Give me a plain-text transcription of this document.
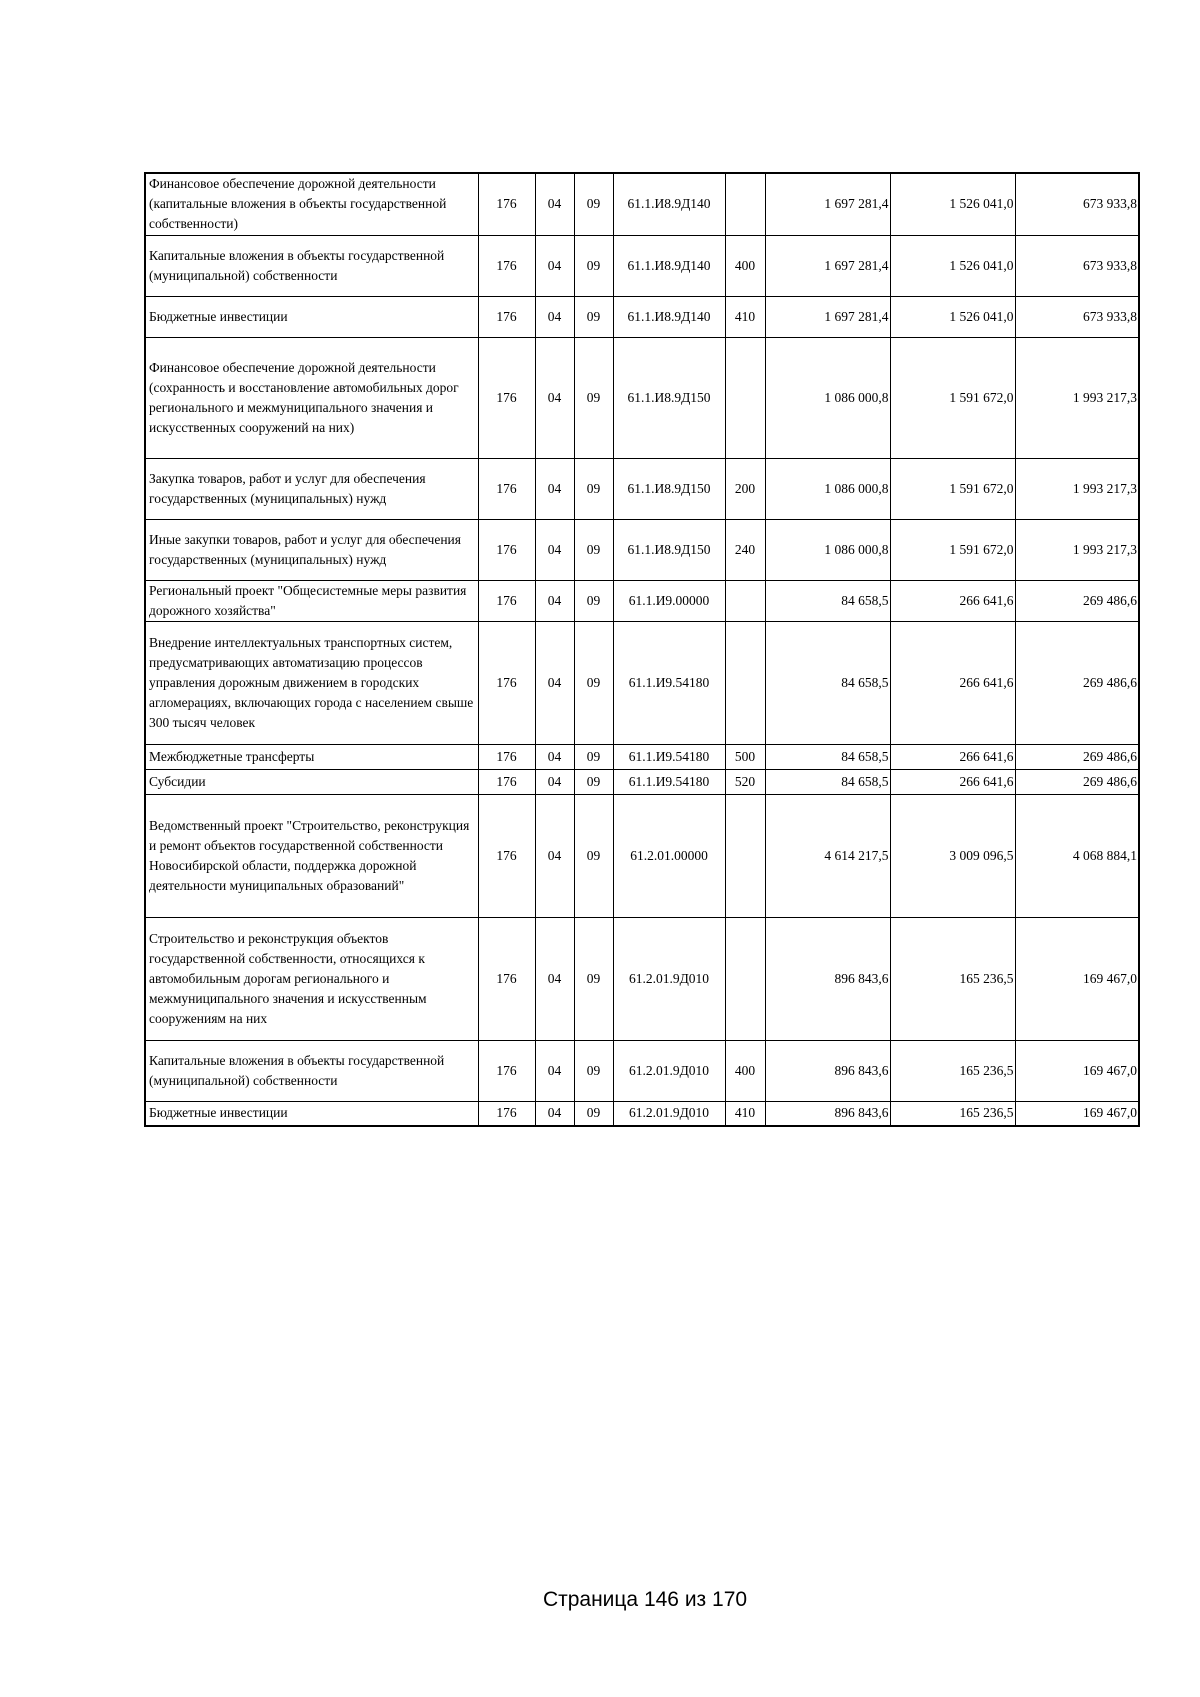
Финансовое обеспечение дорожной деятельности (капитальные вложения в объекты государственной собственности)	176	04	09	61.1.И8.9Д140		1 697 281,4	1 526 041,0	673 933,8
Капитальные вложения в объекты государственной (муниципальной) собственности	176	04	09	61.1.И8.9Д140	400	1 697 281,4	1 526 041,0	673 933,8
Бюджетные инвестиции	176	04	09	61.1.И8.9Д140	410	1 697 281,4	1 526 041,0	673 933,8
Финансовое обеспечение дорожной деятельности (сохранность и восстановление автомобильных дорог регионального и межмуниципального значения и искусственных сооружений на них)	176	04	09	61.1.И8.9Д150		1 086 000,8	1 591 672,0	1 993 217,3
Закупка товаров, работ и услуг для обеспечения государственных (муниципальных) нужд	176	04	09	61.1.И8.9Д150	200	1 086 000,8	1 591 672,0	1 993 217,3
Иные закупки товаров, работ и услуг для обеспечения государственных (муниципальных) нужд	176	04	09	61.1.И8.9Д150	240	1 086 000,8	1 591 672,0	1 993 217,3
Региональный проект "Общесистемные меры развития дорожного хозяйства"	176	04	09	61.1.И9.00000		84 658,5	266 641,6	269 486,6
Внедрение интеллектуальных транспортных систем, предусматривающих автоматизацию процессов управления дорожным движением в городских агломерациях, включающих города с населением свыше 300 тысяч человек	176	04	09	61.1.И9.54180		84 658,5	266 641,6	269 486,6
Межбюджетные трансферты	176	04	09	61.1.И9.54180	500	84 658,5	266 641,6	269 486,6
Субсидии	176	04	09	61.1.И9.54180	520	84 658,5	266 641,6	269 486,6
Ведомственный проект "Строительство, реконструкция и ремонт объектов государственной собственности Новосибирской области, поддержка дорожной деятельности муниципальных образований"	176	04	09	61.2.01.00000		4 614 217,5	3 009 096,5	4 068 884,1
Строительство и реконструкция объектов государственной собственности, относящихся к автомобильным дорогам регионального и межмуниципального значения и искусственным сооружениям на них	176	04	09	61.2.01.9Д010		896 843,6	165 236,5	169 467,0
Капитальные вложения в объекты государственной (муниципальной) собственности	176	04	09	61.2.01.9Д010	400	896 843,6	165 236,5	169 467,0
Бюджетные инвестиции	176	04	09	61.2.01.9Д010	410	896 843,6	165 236,5	169 467,0
Страница 146 из 170
